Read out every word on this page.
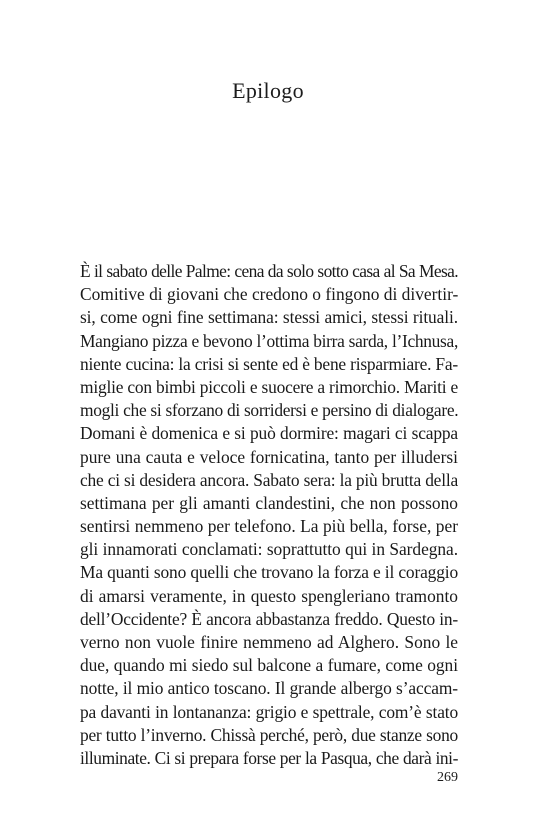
Epilogo
È il sabato delle Palme: cena da solo sotto casa al Sa Mesa.
Comitive di giovani che credono o fingono di divertir-
si, come ogni fine settimana: stessi amici, stessi rituali.
Mangiano pizza e bevono l’ottima birra sarda, l’Ichnusa,
niente cucina: la crisi si sente ed è bene risparmiare. Fa-
miglie con bimbi piccoli e suocere a rimorchio. Mariti e
mogli che si sforzano di sorridersi e persino di dialogare.
Domani è domenica e si può dormire: magari ci scappa
pure una cauta e veloce fornicatina, tanto per illudersi
che ci si desidera ancora. Sabato sera: la più brutta della
settimana per gli amanti clandestini, che non possono
sentirsi nemmeno per telefono. La più bella, forse, per
gli innamorati conclamati: soprattutto qui in Sardegna.
Ma quanti sono quelli che trovano la forza e il coraggio
di amarsi veramente, in questo spengleriano tramonto
dell’Occidente? È ancora abbastanza freddo. Questo in-
verno non vuole finire nemmeno ad Alghero. Sono le
due, quando mi siedo sul balcone a fumare, come ogni
notte, il mio antico toscano. Il grande albergo s’accam-
pa davanti in lontananza: grigio e spettrale, com’è stato
per tutto l’inverno. Chissà perché, però, due stanze sono
illuminate. Ci si prepara forse per la Pasqua, che darà ini-
269
